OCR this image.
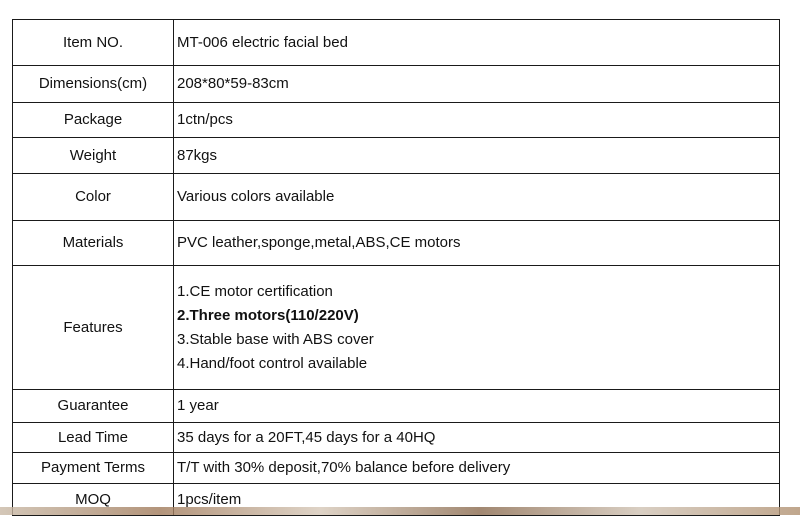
Item NO.	MT-006 electric facial bed
Dimensions(cm)	208*80*59-83cm
Package	1ctn/pcs
Weight	87kgs
Color	Various colors available
Materials	PVC leather,sponge,metal,ABS,CE motors
Features	1.CE motor certification
2.Three motors(110/220V)
3.Stable base with ABS cover
4.Hand/foot control available

Guarantee	1 year
Lead Time	35 days for a 20FT,45 days for a 40HQ
Payment Terms	T/T with 30% deposit,70% balance before delivery
MOQ	1pcs/item
